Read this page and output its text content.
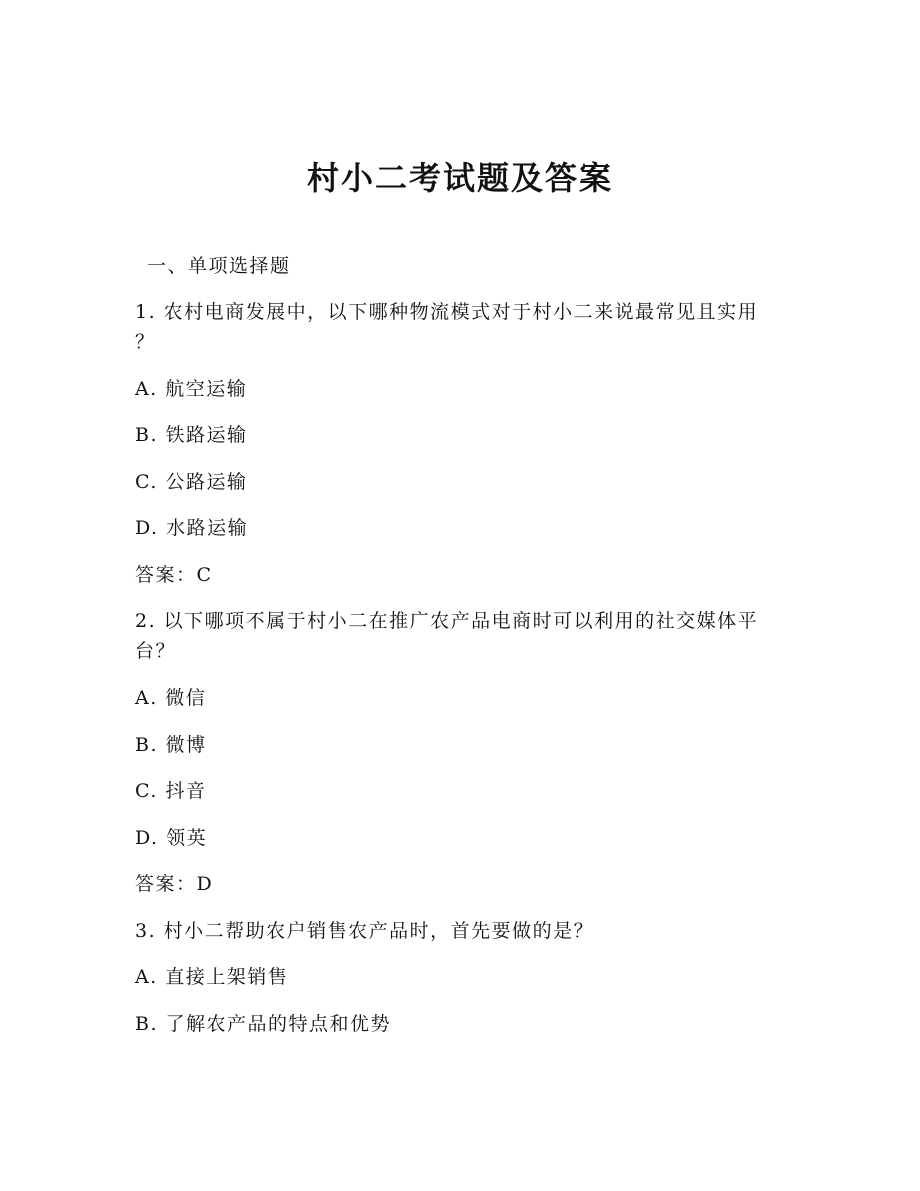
村小二考试题及答案
一、单项选择题
1. 农村电商发展中，以下哪种物流模式对于村小二来说最常见且实用
？
A. 航空运输
B. 铁路运输
C. 公路运输
D. 水路运输
答案：C
2. 以下哪项不属于村小二在推广农产品电商时可以利用的社交媒体平
台？
A. 微信
B. 微博
C. 抖音
D. 领英
答案：D
3. 村小二帮助农户销售农产品时，首先要做的是？
A. 直接上架销售
B. 了解农产品的特点和优势
